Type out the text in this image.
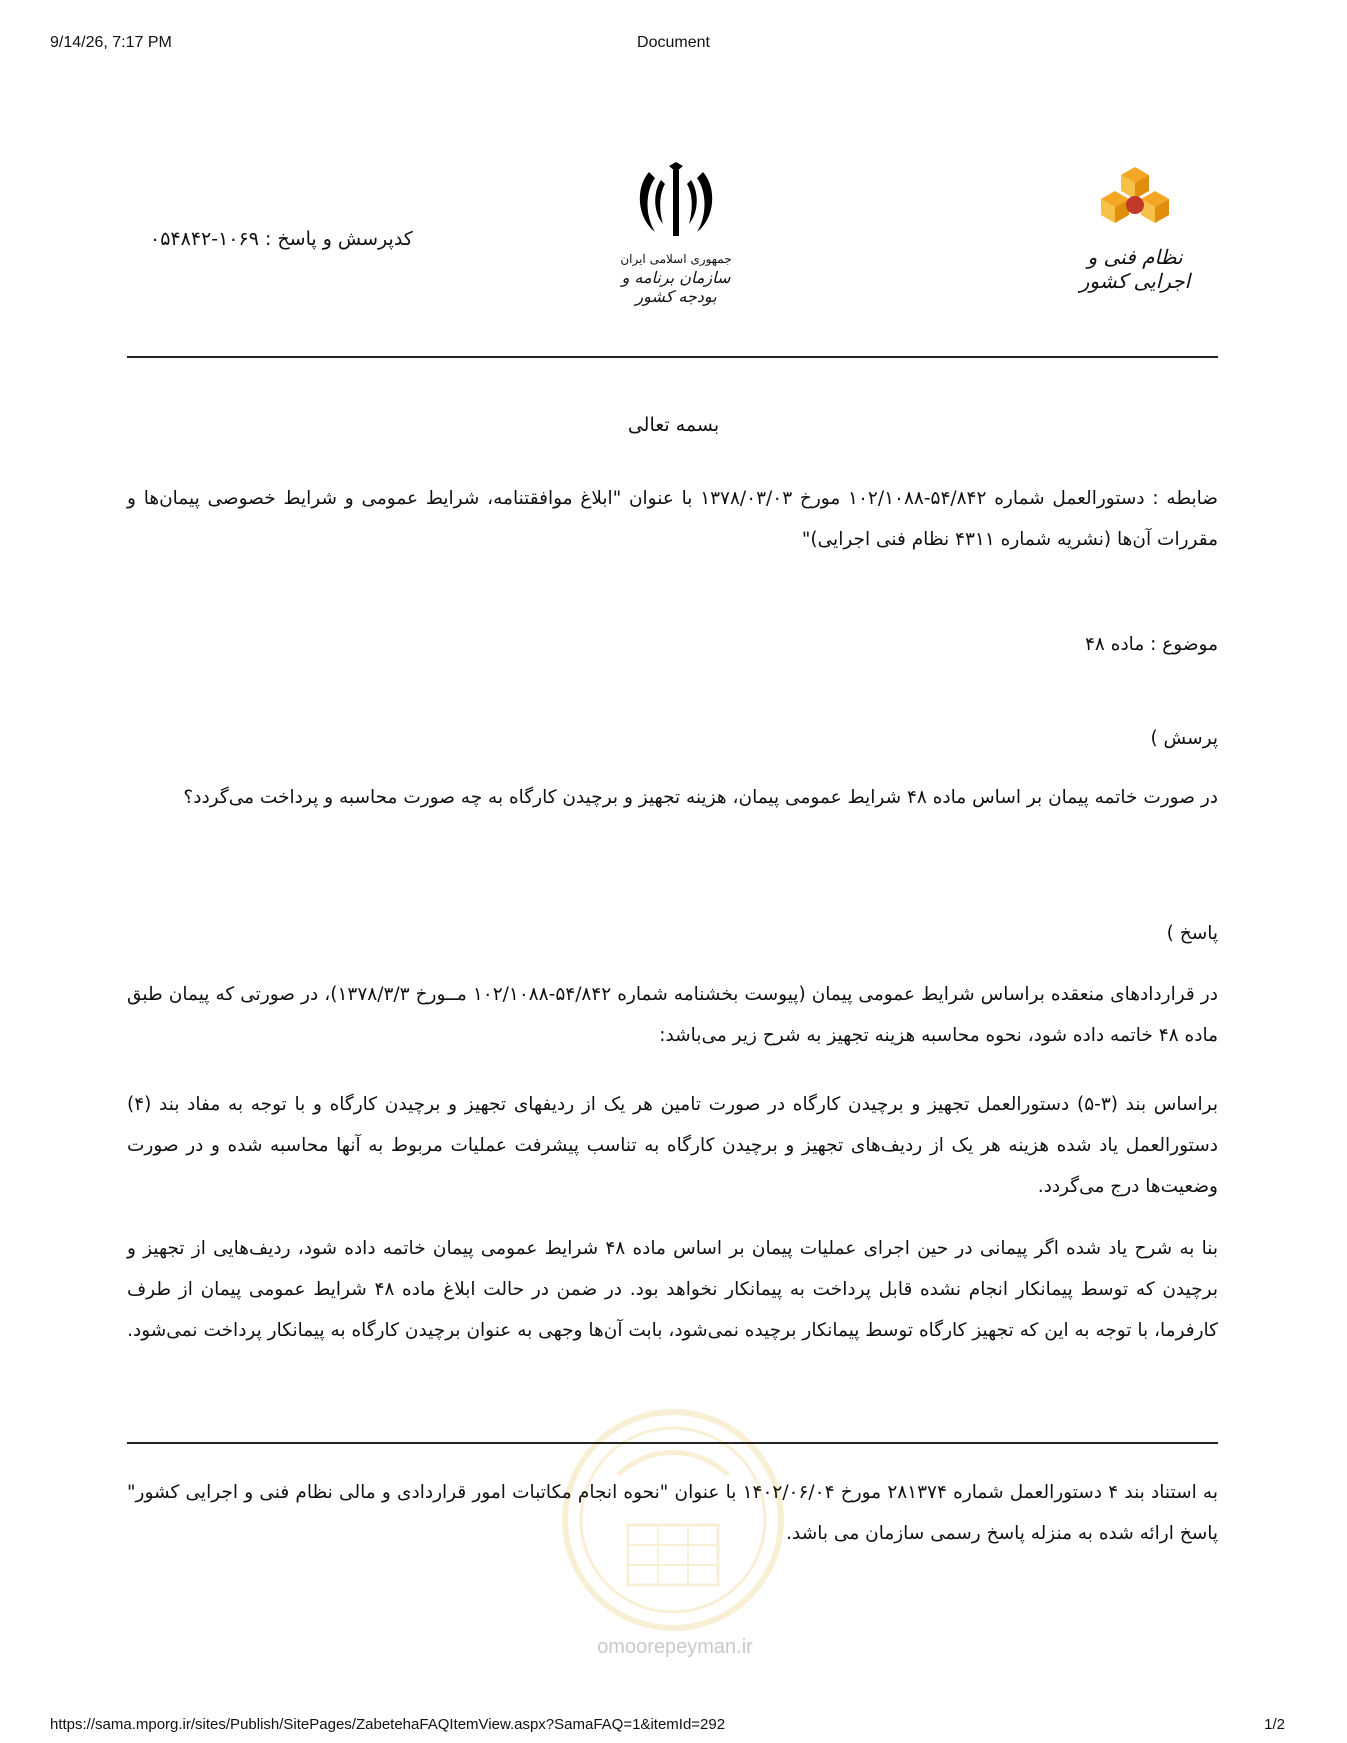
9/14/26, 7:17 PM	Document
کدپرسش و پاسخ : ۱۰۶۹-۰۵۴۸۴۲
جمهوری اسلامی ایران
سازمان برنامه و بودجه کشور
نظام فنی و اجرایی کشور
بسمه تعالی
ضابطه : دستورالعمل شماره ۵۴/۸۴۲-۱۰۲/۱۰۸۸ مورخ ۱۳۷۸/۰۳/۰۳ با عنوان "ابلاغ موافقتنامه، شرایط عمومی و شرایط خصوصی پیمان‌ها و مقررات آن‌ها (نشریه شماره ۴۳۱۱ نظام فنی اجرایی)"
موضوع : ماده ۴۸
پرسش )
در صورت خاتمه پیمان بر اساس ماده ۴۸ شرایط عمومی پیمان، هزینه تجهیز و برچیدن کارگاه به چه صورت محاسبه و پرداخت می‌گردد؟
پاسخ )
در قراردادهای منعقده براساس شرایط عمومی پیمان (پیوست بخشنامه شماره ۵۴/۸۴۲-۱۰۲/۱۰۸۸ مــورخ ۱۳۷۸/۳/۳)، در صورتی که پیمان طبق ماده ۴۸ خاتمه داده شود، نحوه محاسبه هزینه تجهیز به شرح زیر می‌باشد:
براساس بند (۳-۵) دستورالعمل تجهیز و برچیدن کارگاه در صورت تامین هر یک از ردیفهای تجهیز و برچیدن کارگاه و با توجه به مفاد بند (۴) دستورالعمل یاد شده هزینه هر یک از ردیف‌های تجهیز و برچیدن کارگاه به تناسب پیشرفت عملیات مربوط به آنها محاسبه شده و در صورت وضعیت‌ها درج می‌گردد.
بنا به شرح یاد شده اگر پیمانی در حین اجرای عملیات پیمان بر اساس ماده ۴۸ شرایط عمومی پیمان خاتمه داده شود، ردیف‌هایی از تجهیز و برچیدن که توسط پیمانکار انجام نشده قابل پرداخت به پیمانکار نخواهد بود. در ضمن در حالت ابلاغ ماده ۴۸ شرایط عمومی پیمان از طرف کارفرما، با توجه به این که تجهیز کارگاه توسط پیمانکار برچیده نمی‌شود، بابت آن‌ها وجهی به عنوان برچیدن کارگاه به پیمانکار پرداخت نمی‌شود.
به استناد بند ۴ دستورالعمل شماره ۲۸۱۳۷۴ مورخ ۱۴۰۲/۰۶/۰۴ با عنوان "نحوه انجام مکاتبات امور قراردادی و مالی نظام فنی و اجرایی کشور" پاسخ ارائه شده به منزله پاسخ رسمی سازمان می باشد.
omoorepeyman.ir
https://sama.mporg.ir/sites/Publish/SitePages/ZabetehaFAQItemView.aspx?SamaFAQ=1&itemId=292	1/2
